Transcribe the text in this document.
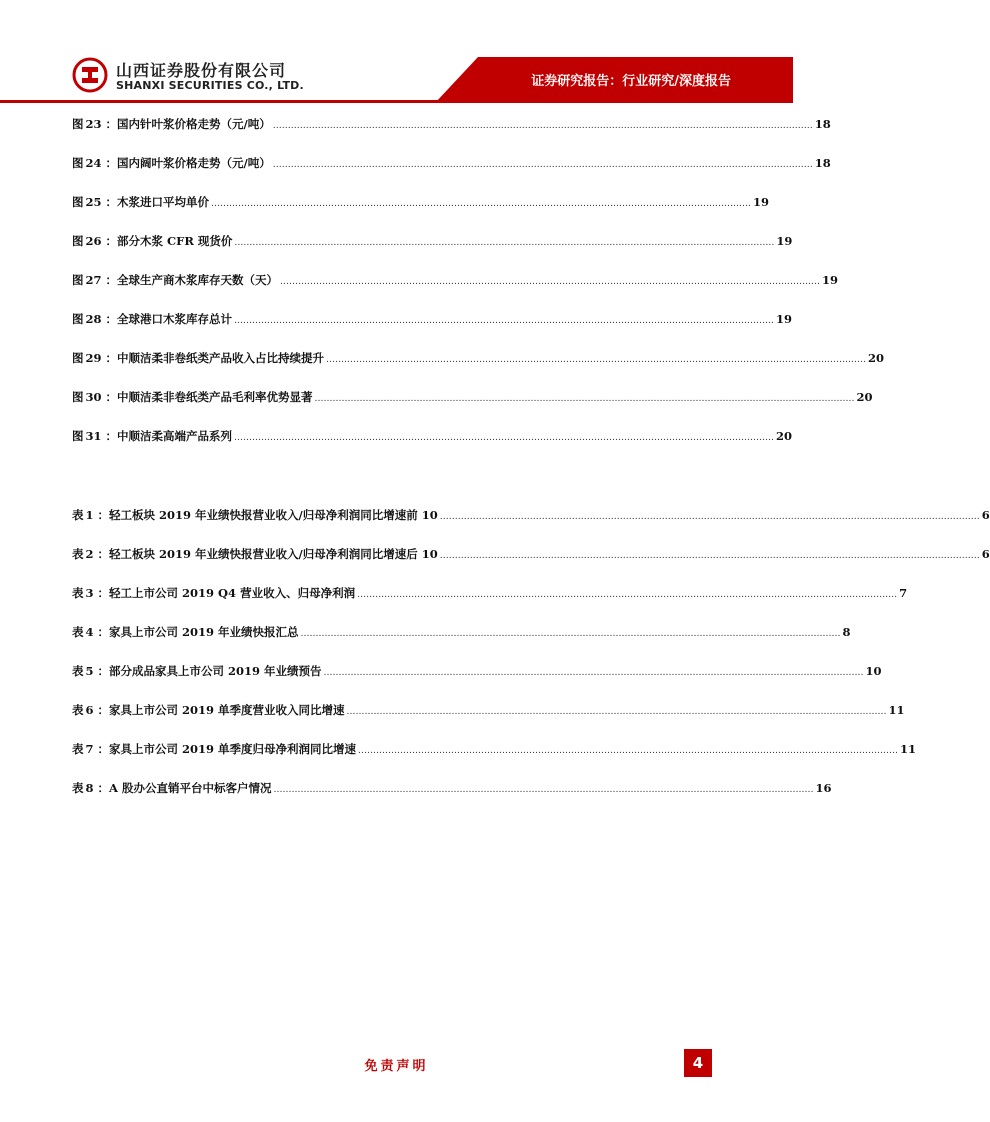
山西证券股份有限公司
SHANXI SECURITIES CO., LTD.	证券研究报告：行业研究/深度报告
图 23 ： 国内针叶浆价格走势（元/吨） ……………………………………………………………………………………………………………………………………………………………… 18
图 24 ： 国内阔叶浆价格走势（元/吨） ……………………………………………………………………………………………………………………………………………………………… 18
图 25 ： 木浆进口平均单价 ……………………………………………………………………………………………………………………………………………………………… 19
图 26 ： 部分木浆 CFR 现货价 ……………………………………………………………………………………………………………………………………………………………… 19
图 27 ： 全球生产商木浆库存天数（天） ……………………………………………………………………………………………………………………………………………………………… 19
图 28 ： 全球港口木浆库存总计 ……………………………………………………………………………………………………………………………………………………………… 19
图 29 ： 中顺洁柔非卷纸类产品收入占比持续提升 ……………………………………………………………………………………………………………………………………………………………… 20
图 30 ： 中顺洁柔非卷纸类产品毛利率优势显著 ……………………………………………………………………………………………………………………………………………………………… 20
图 31 ： 中顺洁柔高端产品系列 ……………………………………………………………………………………………………………………………………………………………… 20
表 1 ： 轻工板块 2019 年业绩快报营业收入/归母净利润同比增速前 10 ……………………………………………………………………………………………………………………………………………………………… 6
表 2 ： 轻工板块 2019 年业绩快报营业收入/归母净利润同比增速后 10 ……………………………………………………………………………………………………………………………………………………………… 6
表 3 ： 轻工上市公司 2019 Q4 营业收入、归母净利润 ……………………………………………………………………………………………………………………………………………………………… 7
表 4 ： 家具上市公司 2019 年业绩快报汇总 ……………………………………………………………………………………………………………………………………………………………… 8
表 5 ： 部分成品家具上市公司 2019 年业绩预告 ……………………………………………………………………………………………………………………………………………………………… 10
表 6 ： 家具上市公司 2019 单季度营业收入同比增速 ……………………………………………………………………………………………………………………………………………………………… 11
表 7 ： 家具上市公司 2019 单季度归母净利润同比增速 ……………………………………………………………………………………………………………………………………………………………… 11
表 8 ： A 股办公直销平台中标客户情况 ……………………………………………………………………………………………………………………………………………………………… 16
免责声明	4
